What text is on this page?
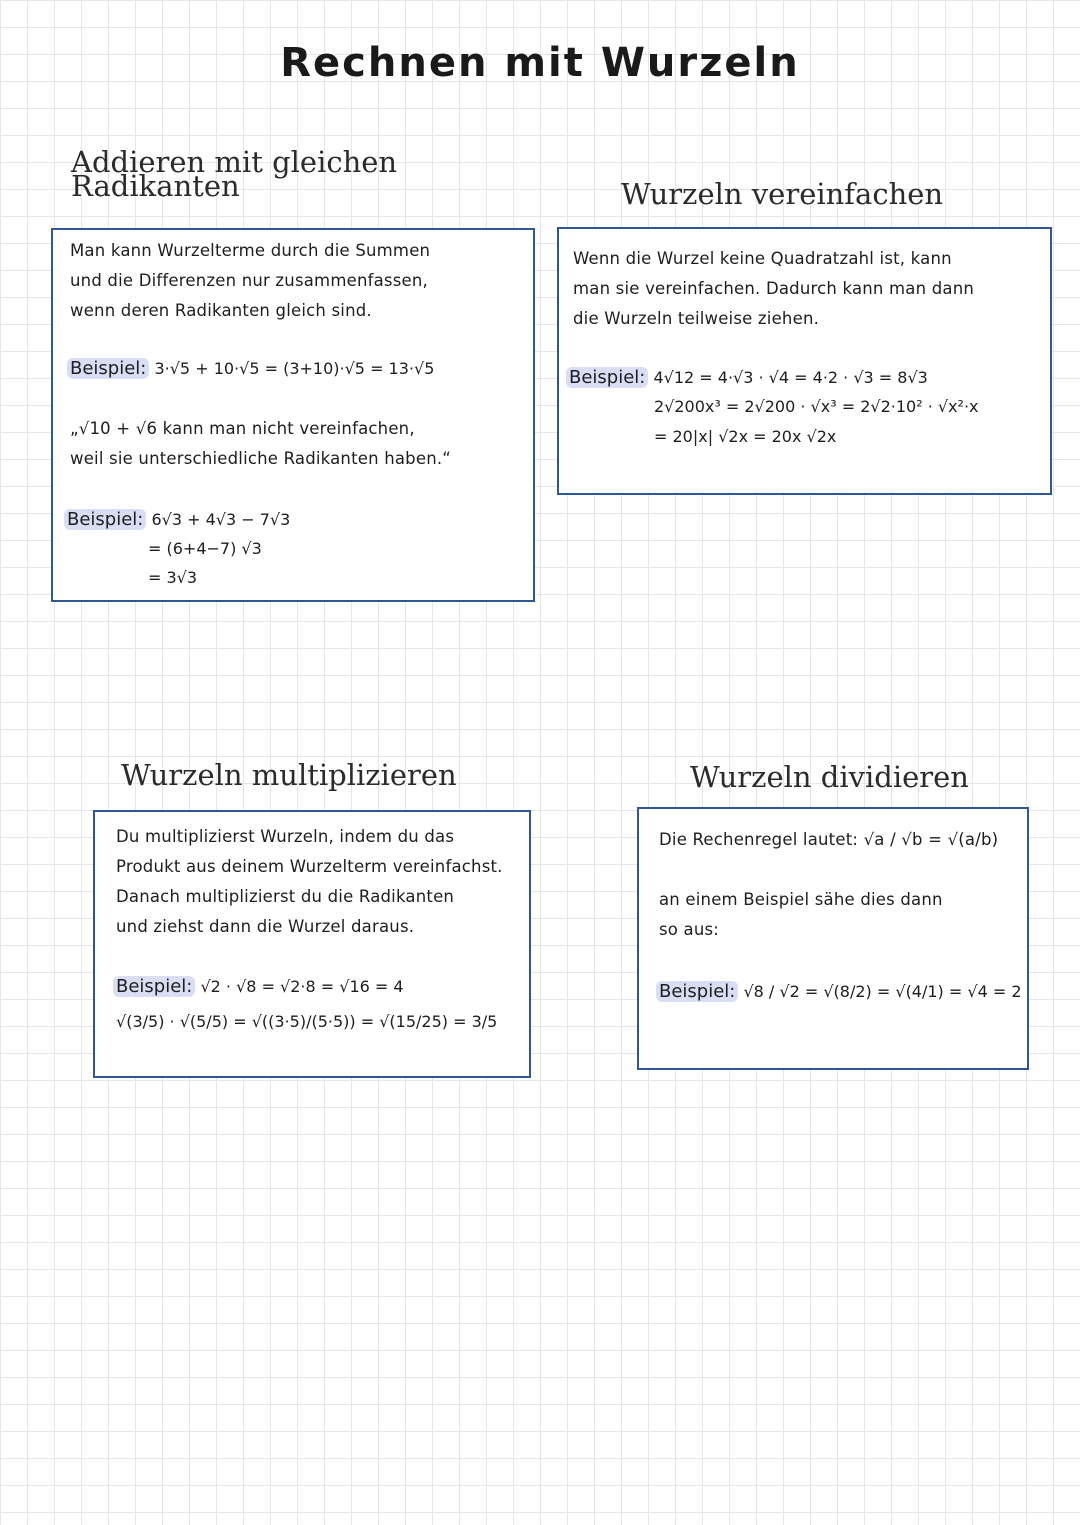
Rechnen mit Wurzeln
Addieren mit gleichen
Radikanten
Man kann Wurzelterme durch die Summen
und die Differenzen nur zusammenfassen,
wenn deren Radikanten gleich sind.
Beispiel: 3·√5 + 10·√5 = (3+10)·√5 = 13·√5
„√10 + √6 kann man nicht vereinfachen,
weil sie unterschiedliche Radikanten haben.“
Beispiel: 6√3 + 4√3 − 7√3
= (6+4−7) √3
= 3√3
Wurzeln vereinfachen
Wenn die Wurzel keine Quadratzahl ist, kann
man sie vereinfachen. Dadurch kann man dann
die Wurzeln teilweise ziehen.
Beispiel: 4√12 = 4·√3 · √4 = 4·2 · √3 = 8√3
2√200x³ = 2√200 · √x³ = 2√2·10² · √x²·x
= 20|x| √2x = 20x √2x
Wurzeln multiplizieren
Du multiplizierst Wurzeln, indem du das
Produkt aus deinem Wurzelterm vereinfachst.
Danach multiplizierst du die Radikanten
und ziehst dann die Wurzel daraus.
Beispiel: √2 · √8 = √2·8 = √16 = 4
√(3/5) · √(5/5) = √((3·5)/(5·5)) = √(15/25) = 3/5
Wurzeln dividieren
Die Rechenregel lautet: √a / √b = √(a/b)
an einem Beispiel sähe dies dann
so aus:
Beispiel: √8 / √2 = √(8/2) = √(4/1) = √4 = 2
